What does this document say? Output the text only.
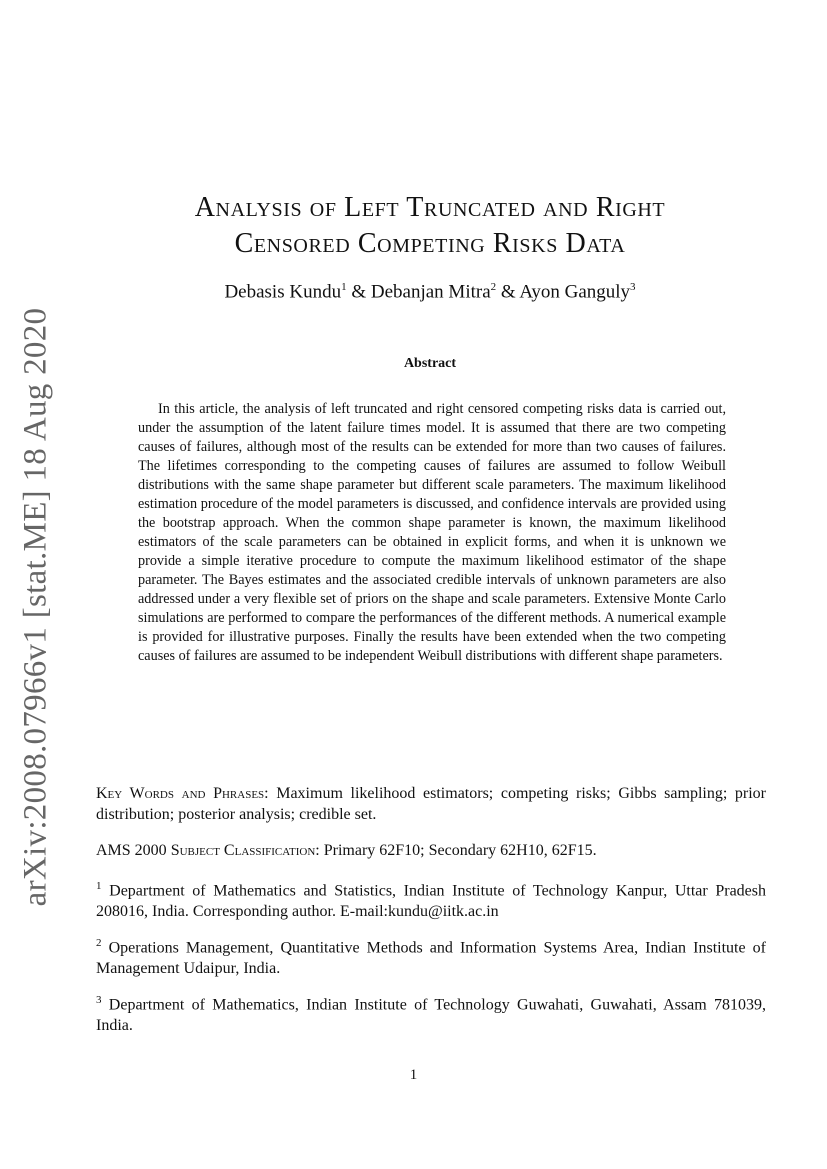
arXiv:2008.07966v1 [stat.ME] 18 Aug 2020
Analysis of Left Truncated and Right
Censored Competing Risks Data
Debasis Kundu$^1$ & Debanjan Mitra$^2$ & Ayon Ganguly$^3$
Abstract
In this article, the analysis of left truncated and right censored competing risks data is carried out, under the assumption of the latent failure times model. It is assumed that there are two competing causes of failures, although most of the results can be extended for more than two causes of failures. The lifetimes corresponding to the competing causes of failures are assumed to follow Weibull distributions with the same shape parameter but different scale parameters. The maximum likelihood estimation procedure of the model parameters is discussed, and confidence intervals are provided using the bootstrap approach. When the common shape parameter is known, the maximum likelihood estimators of the scale parameters can be obtained in explicit forms, and when it is unknown we provide a simple iterative procedure to compute the maximum likelihood estimator of the shape parameter. The Bayes estimates and the associated credible intervals of unknown parameters are also addressed under a very flexible set of priors on the shape and scale parameters. Extensive Monte Carlo simulations are performed to compare the performances of the different methods. A numerical example is provided for illustrative purposes. Finally the results have been extended when the two competing causes of failures are assumed to be independent Weibull distributions with different shape parameters.
Key Words and Phrases: Maximum likelihood estimators; competing risks; Gibbs sampling; prior distribution; posterior analysis; credible set.
AMS 2000 Subject Classification: Primary 62F10; Secondary 62H10, 62F15.
$^1$ Department of Mathematics and Statistics, Indian Institute of Technology Kanpur, Uttar Pradesh 208016, India. Corresponding author. E-mail:kundu@iitk.ac.in
$^2$ Operations Management, Quantitative Methods and Information Systems Area, Indian Institute of Management Udaipur, India.
$^3$ Department of Mathematics, Indian Institute of Technology Guwahati, Guwahati, Assam 781039, India.
1
